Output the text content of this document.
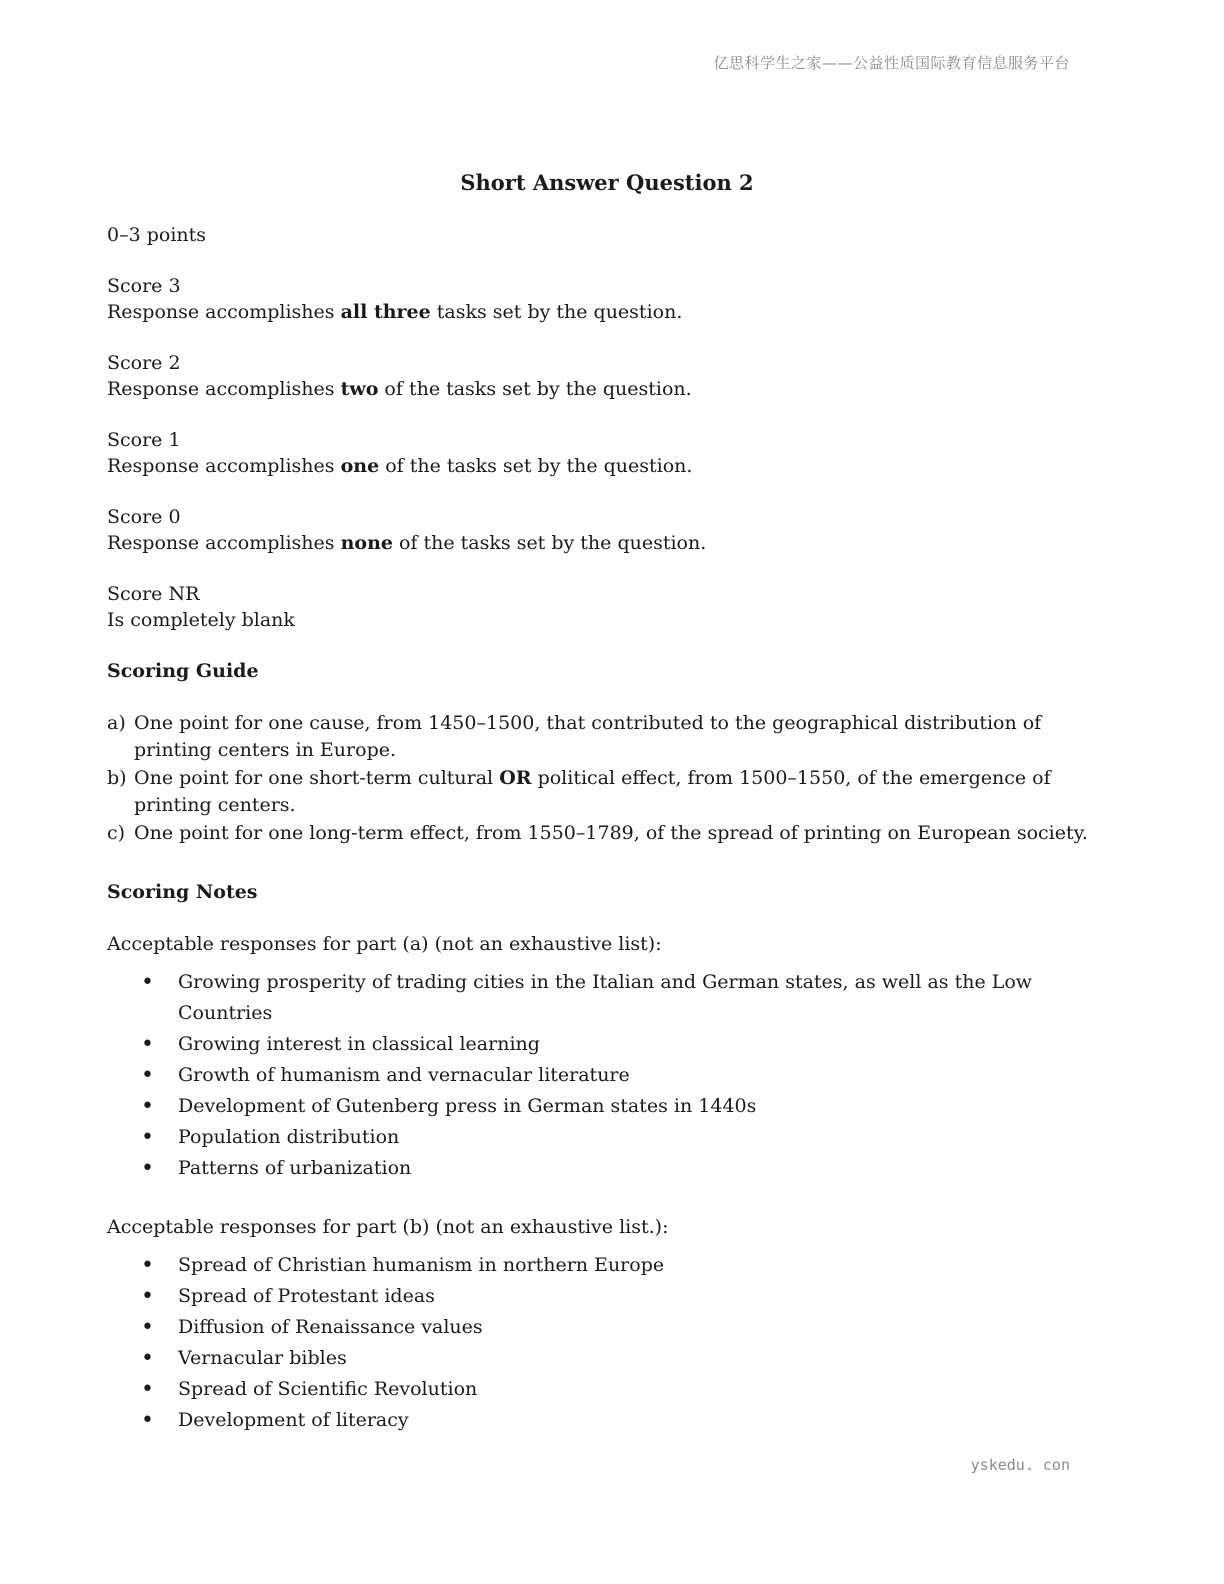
亿思科学生之家——公益性质国际教育信息服务平台
Short Answer Question 2
0–3 points
Score 3
Response accomplishes all three tasks set by the question.
Score 2
Response accomplishes two of the tasks set by the question.
Score 1
Response accomplishes one of the tasks set by the question.
Score 0
Response accomplishes none of the tasks set by the question.
Score NR
Is completely blank
Scoring Guide
a) One point for one cause, from 1450–1500, that contributed to the geographical distribution of printing centers in Europe.
b) One point for one short-term cultural OR political effect, from 1500–1550, of the emergence of printing centers.
c) One point for one long-term effect, from 1550–1789, of the spread of printing on European society.
Scoring Notes
Acceptable responses for part (a) (not an exhaustive list):
• Growing prosperity of trading cities in the Italian and German states, as well as the Low Countries
• Growing interest in classical learning
• Growth of humanism and vernacular literature
• Development of Gutenberg press in German states in 1440s
• Population distribution
• Patterns of urbanization
Acceptable responses for part (b) (not an exhaustive list.):
• Spread of Christian humanism in northern Europe
• Spread of Protestant ideas
• Diffusion of Renaissance values
• Vernacular bibles
• Spread of Scientific Revolution
• Development of literacy
yskedu. con
